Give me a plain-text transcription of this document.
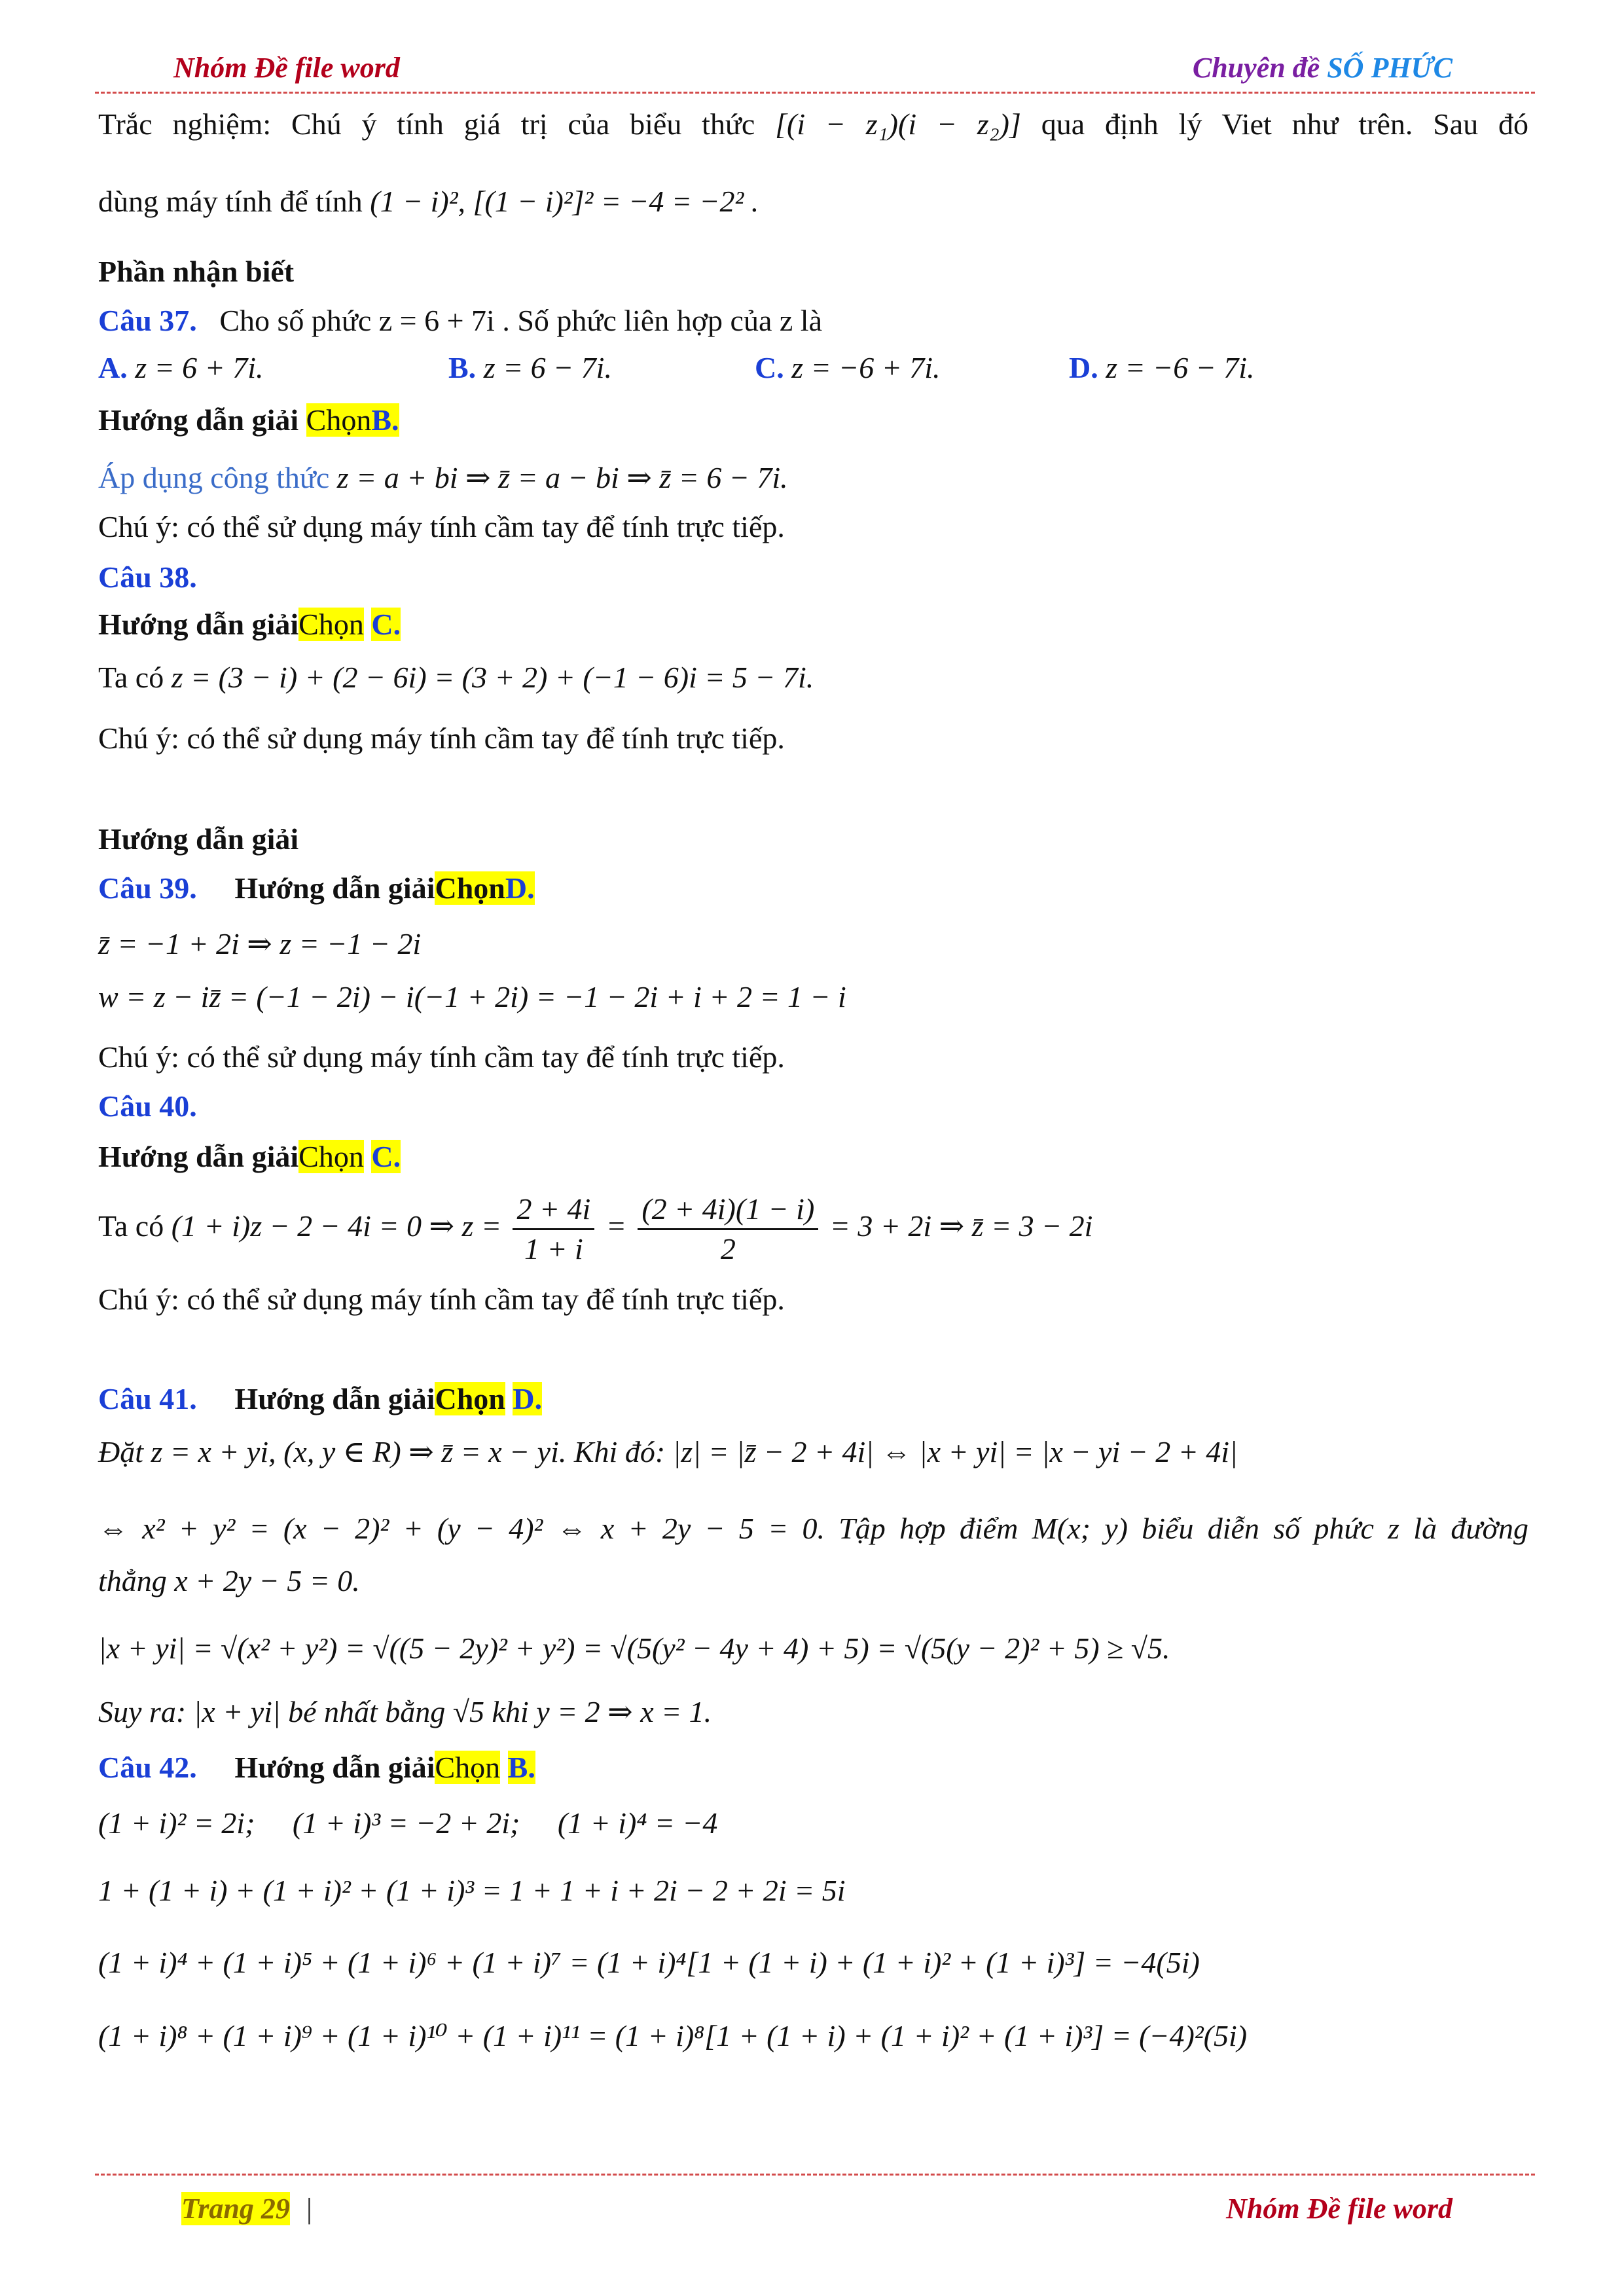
Nhóm Đề file word	Chuyên đề SỐ PHỨC
Trắc nghiệm: Chú ý tính giá trị của biểu thức [(i − z₁)(i − z₂)] qua định lý Viet như trên. Sau đó
dùng máy tính để tính (1 − i)², [(1 − i)²]² = −4 = −2² .
Phần nhận biết
Câu 37. Cho số phức z = 6 + 7i . Số phức liên hợp của z là
A. z = 6 + 7i.	B. z = 6 − 7i.	C. z = −6 + 7i.	D. z = −6 − 7i.
Hướng dẫn giải ChọnB.
Áp dụng công thức z = a + bi ⇒ z̄ = a − bi ⇒ z̄ = 6 − 7i.
Chú ý: có thể sử dụng máy tính cầm tay để tính trực tiếp.
Câu 38.
Hướng dẫn giảiChọn C.
Ta có z = (3 − i) + (2 − 6i) = (3 + 2) + (−1 − 6)i = 5 − 7i.
Chú ý: có thể sử dụng máy tính cầm tay để tính trực tiếp.
Hướng dẫn giải
Câu 39. Hướng dẫn giảiChọnD.
z̄ = −1 + 2i ⇒ z = −1 − 2i
w = z − iz̄ = (−1 − 2i) − i(−1 + 2i) = −1 − 2i + i + 2 = 1 − i
Chú ý: có thể sử dụng máy tính cầm tay để tính trực tiếp.
Câu 40.
Hướng dẫn giảiChọn C.
Ta có (1 + i)z − 2 − 4i = 0 ⇒ $z = \frac{2 + 4i}{1 + i} = \frac{(2 + 4i)(1 - i)}{2} = 3 + 2i$ ⇒ z̄ = 3 − 2i
Chú ý: có thể sử dụng máy tính cầm tay để tính trực tiếp.
Câu 41. Hướng dẫn giảiChọn D.
Đặt z = x + yi, (x, y ∈ R) ⇒ z̄ = x − yi. Khi đó: |z| = |z̄ − 2 + 4i| ⇔ |x + yi| = |x − yi − 2 + 4i|
⇔ x² + y² = (x − 2)² + (y − 4)² ⇔ x + 2y − 5 = 0. Tập hợp điểm M(x; y) biểu diễn số phức z là đường
thẳng x + 2y − 5 = 0.
|x + yi| = √(x² + y²) = √((5 − 2y)² + y²) = √(5(y² − 4y + 4) + 5) = √(5(y − 2)² + 5) ≥ √5.
Suy ra: |x + yi| bé nhất bằng √5 khi y = 2 ⇒ x = 1.
Câu 42. Hướng dẫn giảiChọn B.
(1 + i)² = 2i;     (1 + i)³ = −2 + 2i;     (1 + i)⁴ = −4
1 + (1 + i) + (1 + i)² + (1 + i)³ = 1 + 1 + i + 2i − 2 + 2i = 5i
(1 + i)⁴ + (1 + i)⁵ + (1 + i)⁶ + (1 + i)⁷ = (1 + i)⁴[1 + (1 + i) + (1 + i)² + (1 + i)³] = −4(5i)
(1 + i)⁸ + (1 + i)⁹ + (1 + i)¹⁰ + (1 + i)¹¹ = (1 + i)⁸[1 + (1 + i) + (1 + i)² + (1 + i)³] = (−4)²(5i)
Trang 29 |	Nhóm Đề file word
